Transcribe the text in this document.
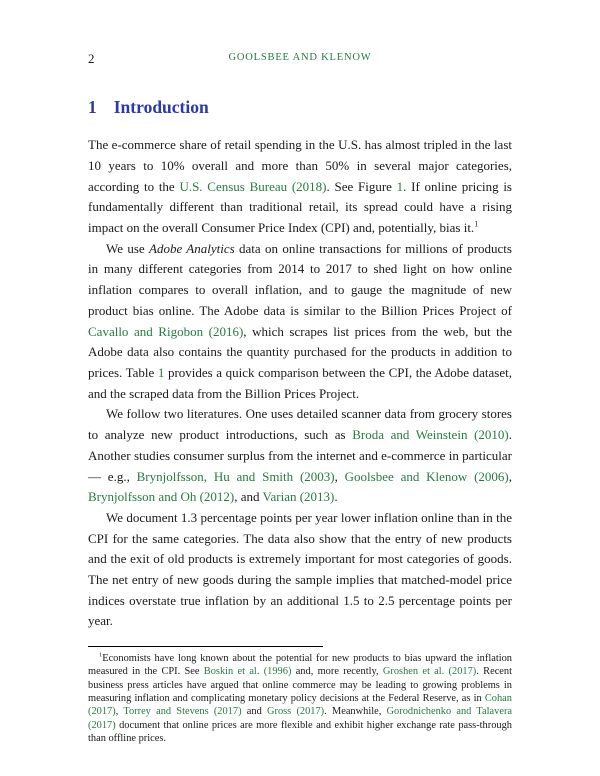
2	GOOLSBEE AND KLENOW
1 Introduction

The e-commerce share of retail spending in the U.S. has almost tripled in the last 10 years to 10% overall and more than 50% in several major categories, according to the U.S. Census Bureau (2018). See Figure 1. If online pricing is fundamentally different than traditional retail, its spread could have a rising impact on the overall Consumer Price Index (CPI) and, potentially, bias it.$^1$

We use Adobe Analytics data on online transactions for millions of products in many different categories from 2014 to 2017 to shed light on how online inflation compares to overall inflation, and to gauge the magnitude of new product bias online. The Adobe data is similar to the Billion Prices Project of Cavallo and Rigobon (2016), which scrapes list prices from the web, but the Adobe data also contains the quantity purchased for the products in addition to prices. Table 1 provides a quick comparison between the CPI, the Adobe dataset, and the scraped data from the Billion Prices Project.

We follow two literatures. One uses detailed scanner data from grocery stores to analyze new product introductions, such as Broda and Weinstein (2010). Another studies consumer surplus from the internet and e-commerce in particular — e.g., Brynjolfsson, Hu and Smith (2003), Goolsbee and Klenow (2006), Brynjolfsson and Oh (2012), and Varian (2013).

We document 1.3 percentage points per year lower inflation online than in the CPI for the same categories. The data also show that the entry of new products and the exit of old products is extremely important for most categories of goods. The net entry of new goods during the sample implies that matched-model price indices overstate true inflation by an additional 1.5 to 2.5 percentage points per year.

$^1$Economists have long known about the potential for new products to bias upward the inflation measured in the CPI. See Boskin et al. (1996) and, more recently, Groshen et al. (2017). Recent business press articles have argued that online commerce may be leading to growing problems in measuring inflation and complicating monetary policy decisions at the Federal Reserve, as in Cohan (2017), Torrey and Stevens (2017) and Gross (2017). Meanwhile, Gorodnichenko and Talavera (2017) document that online prices are more flexible and exhibit higher exchange rate pass-through than offline prices.
